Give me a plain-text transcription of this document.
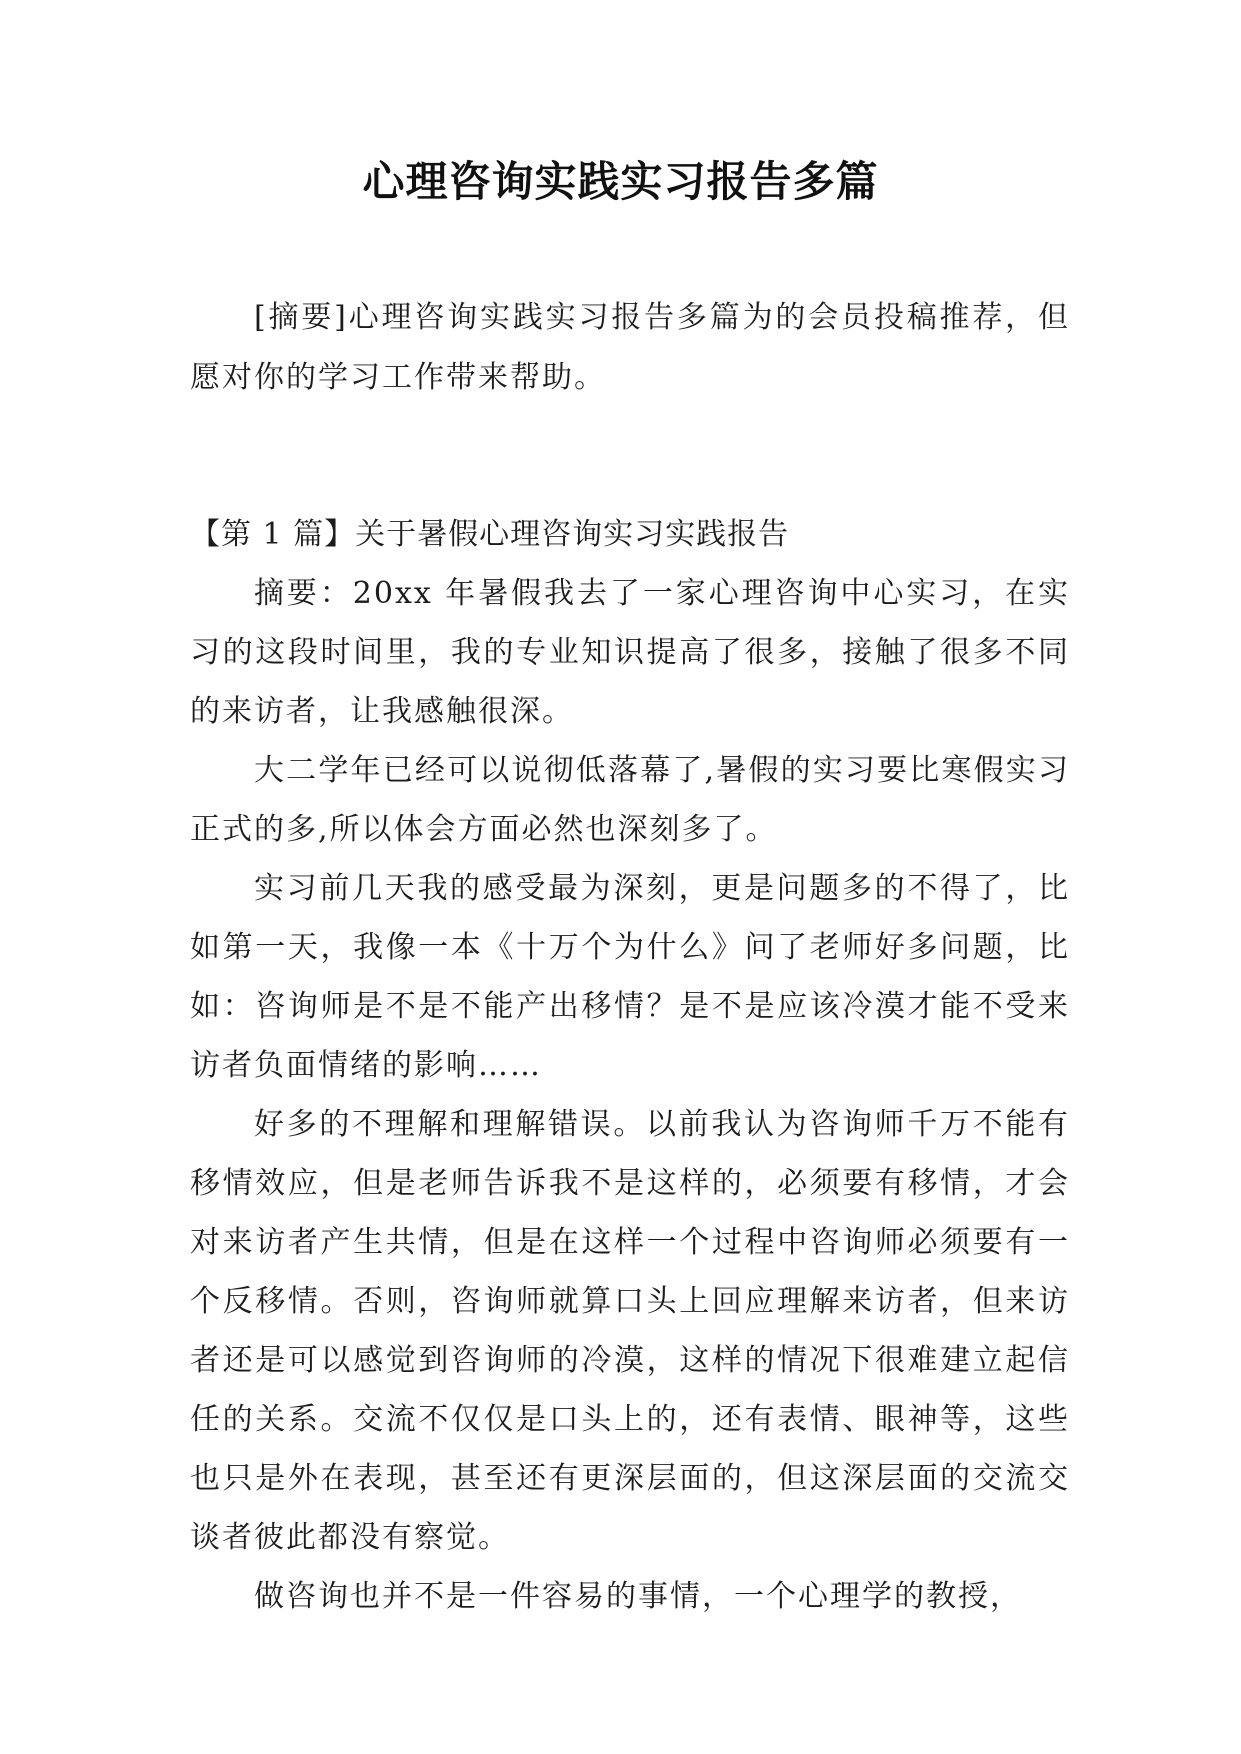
心理咨询实践实习报告多篇

[摘要]心理咨询实践实习报告多篇为的会员投稿推荐，但愿对你的学习工作带来帮助。

【第 1 篇】关于暑假心理咨询实习实践报告

摘要：20xx 年暑假我去了一家心理咨询中心实习，在实习的这段时间里，我的专业知识提高了很多，接触了很多不同的来访者，让我感触很深。

大二学年已经可以说彻低落幕了,暑假的实习要比寒假实习正式的多,所以体会方面必然也深刻多了。

实习前几天我的感受最为深刻，更是问题多的不得了，比如第一天，我像一本《十万个为什么》问了老师好多问题，比如：咨询师是不是不能产出移情？是不是应该冷漠才能不受来访者负面情绪的影响……

好多的不理解和理解错误。以前我认为咨询师千万不能有移情效应，但是老师告诉我不是这样的，必须要有移情，才会对来访者产生共情，但是在这样一个过程中咨询师必须要有一个反移情。否则，咨询师就算口头上回应理解来访者，但来访者还是可以感觉到咨询师的冷漠，这样的情况下很难建立起信任的关系。交流不仅仅是口头上的，还有表情、眼神等，这些也只是外在表现，甚至还有更深层面的，但这深层面的交流交谈者彼此都没有察觉。

做咨询也并不是一件容易的事情，一个心理学的教授，
